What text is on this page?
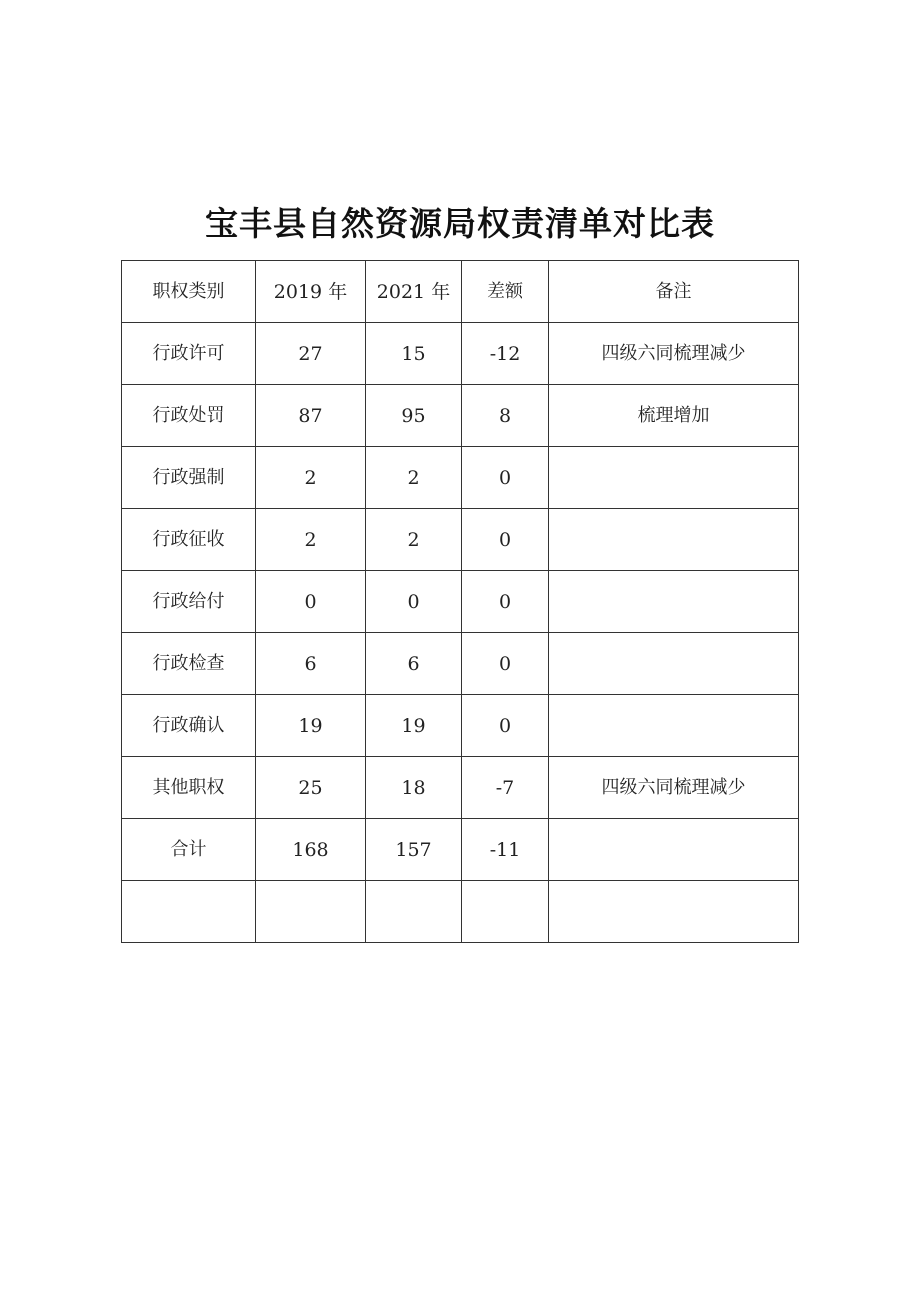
宝丰县自然资源局权责清单对比表
职权类别	2019 年	2021 年	差额	备注
行政许可	27	15	-12	四级六同梳理减少
行政处罚	87	95	8	梳理增加
行政强制	2	2	0	
行政征收	2	2	0	
行政给付	0	0	0	
行政检查	6	6	0	
行政确认	19	19	0	
其他职权	25	18	-7	四级六同梳理减少
合计	168	157	-11	
